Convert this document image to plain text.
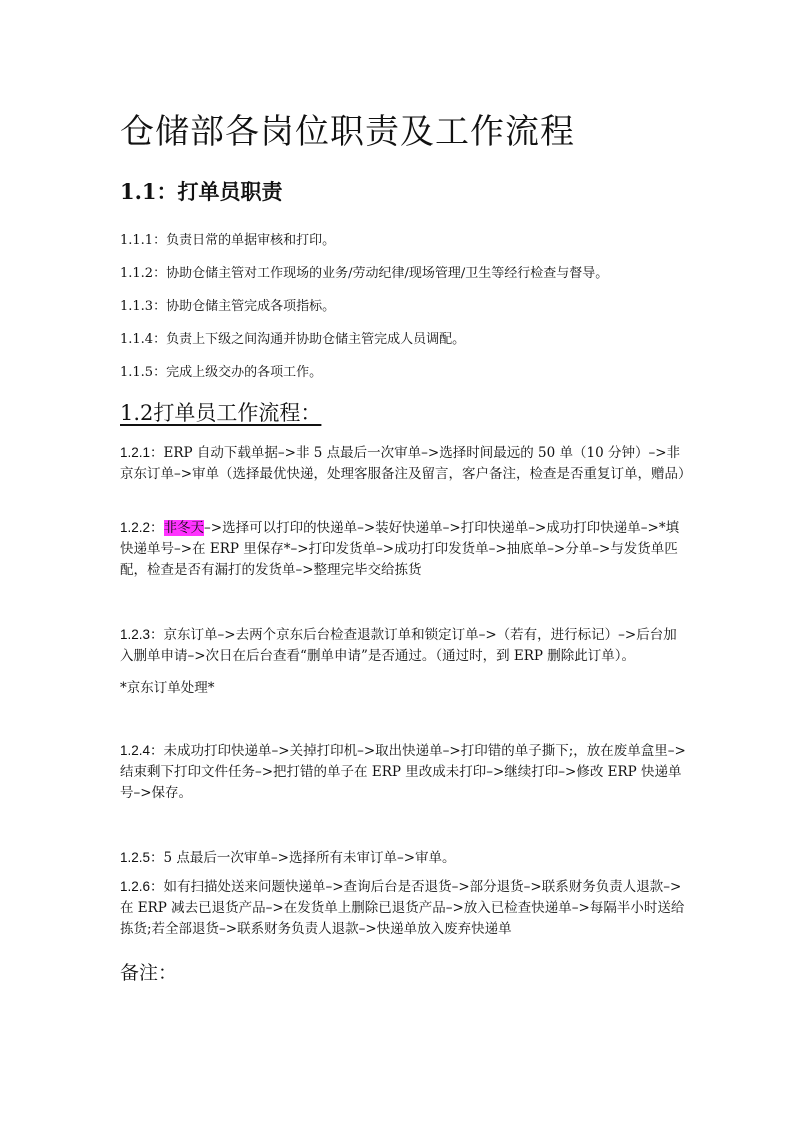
仓储部各岗位职责及工作流程
1.1：打单员职责
1.1.1：负责日常的单据审核和打印。
1.1.2：协助仓储主管对工作现场的业务/劳动纪律/现场管理/卫生等经行检查与督导。
1.1.3：协助仓储主管完成各项指标。
1.1.4：负责上下级之间沟通并协助仓储主管完成人员调配。
1.1.5：完成上级交办的各项工作。
1.2打单员工作流程：
1.2.1：ERP 自动下载单据–>非 5 点最后一次审单–>选择时间最远的 50 单（10 分钟）–>非京东订单–>审单（选择最优快递，处理客服备注及留言，客户备注，检查是否重复订单，赠品）
1.2.2：非冬天–>选择可以打印的快递单–>装好快递单–>打印快递单–>成功打印快递单–>*填快递单号–>在 ERP 里保存*–>打印发货单–>成功打印发货单–>抽底单–>分单–>与发货单匹配，检查是否有漏打的发货单–>整理完毕交给拣货
1.2.3：京东订单–>去两个京东后台检查退款订单和锁定订单–>（若有，进行标记）–>后台加入删单申请–>次日在后台查看“删单申请”是否通过。（通过时，到 ERP 删除此订单）。
*京东订单处理*
1.2.4：未成功打印快递单–>关掉打印机–>取出快递单–>打印错的单子撕下;，放在废单盒里–>结束剩下打印文件任务–>把打错的单子在 ERP 里改成未打印–>继续打印–>修改 ERP 快递单号–>保存。
1.2.5：5 点最后一次审单–>选择所有未审订单–>审单。
1.2.6：如有扫描处送来问题快递单–>查询后台是否退货–>部分退货–>联系财务负责人退款–>在 ERP 减去已退货产品–>在发货单上删除已退货产品–>放入已检查快递单–>每隔半小时送给拣货;若全部退货–>联系财务负责人退款–>快递单放入废弃快递单
备注：
